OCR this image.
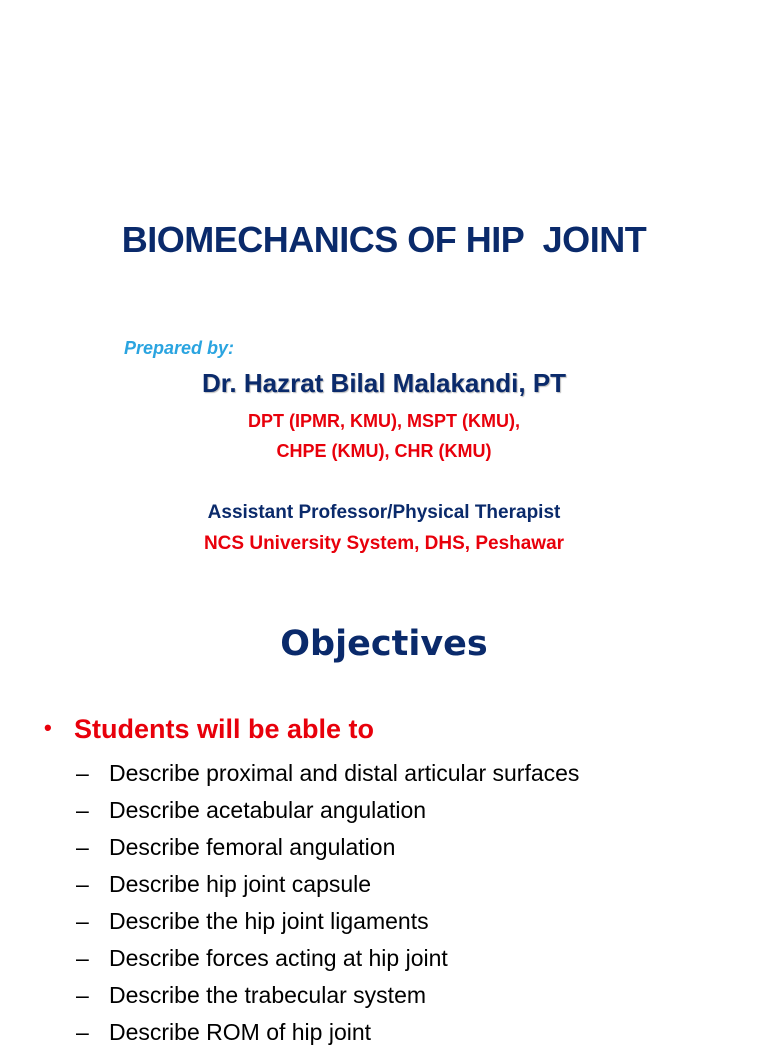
BIOMECHANICS OF HIP  JOINT
Prepared by:
Dr. Hazrat Bilal Malakandi, PT
DPT (IPMR, KMU), MSPT (KMU),
CHPE (KMU), CHR (KMU)
Assistant Professor/Physical Therapist
NCS University System, DHS, Peshawar
Objectives
• Students will be able to
– Describe proximal and distal articular surfaces
– Describe acetabular angulation
– Describe femoral angulation
– Describe hip joint capsule
– Describe the hip joint ligaments
– Describe forces acting at hip joint
– Describe the trabecular system
– Describe ROM of hip joint
